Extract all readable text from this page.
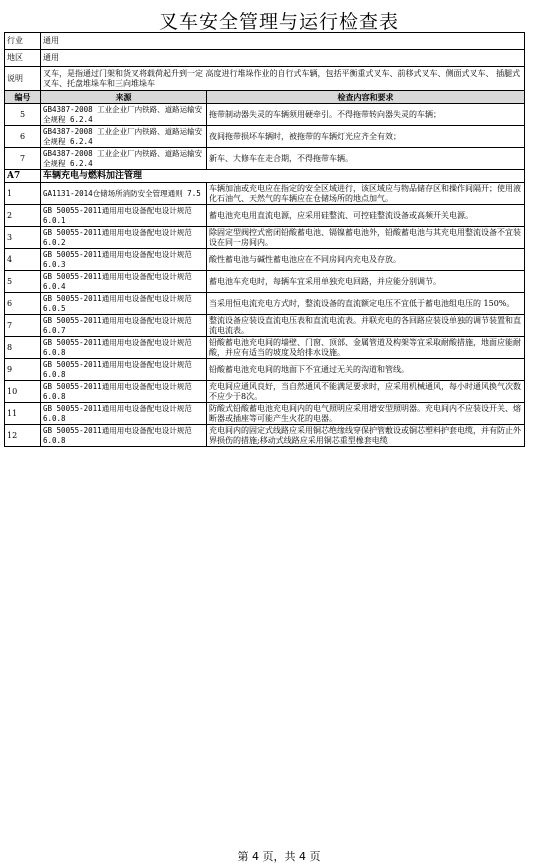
叉车安全管理与运行检查表
行业	通用	
地区	通用	
说明	叉车，是指通过门架和货叉将载荷起升到一定 高度进行堆垛作业的自行式车辆，包括平衡重式叉车、前移式叉车、侧面式叉车、 插腿式叉车、托盘堆垛车和三向堆垛车	
编号	来源	检查内容和要求
5	GB4387-2008 工业企业厂内铁路、道路运输安全规程 6.2.4	拖带制动器失灵的车辆须用硬牵引。不得拖带转向器失灵的车辆；
6	GB4387-2008 工业企业厂内铁路、道路运输安全规程 6.2.4	夜间拖带损坏车辆时，被拖带的车辆灯光应齐全有效；
7	GB4387-2008 工业企业厂内铁路、道路运输安全规程 6.2.4	新车、大修车在走合期，不得拖带车辆。
A7	车辆充电与燃料加注管理	
1	GA1131-2014仓储场所消防安全管理通则 7.5	车辆加油或充电应在指定的安全区域进行，该区域应与物品储存区和操作间隔开；使用液化石油气、天然气的车辆应在仓储场所的地点加气。
2	GB 50055-2011通用用电设备配电设计规范 6.0.1	蓄电池充电用直流电源，应采用硅整流、可控硅整流设备或高频开关电源。
3	GB 50055-2011通用用电设备配电设计规范 6.0.2	除固定型阀控式密闭铅酸蓄电池、镉镍蓄电池外，铅酸蓄电池与其充电用整流设备不宜装设在同一房间内。
4	GB 50055-2011通用用电设备配电设计规范 6.0.3	酸性蓄电池与碱性蓄电池应在不同房间内充电及存放。
5	GB 50055-2011通用用电设备配电设计规范 6.0.4	蓄电池车充电时，每辆车宜采用单独充电回路，并应能分别调节。
6	GB 50055-2011通用用电设备配电设计规范 6.0.5	当采用恒电流充电方式时，整流设备的直流额定电压不宜低于蓄电池组电压的 150%。
7	GB 50055-2011通用用电设备配电设计规范 6.0.7	整流设备应装设直流电压表和直流电流表。并联充电的各回路应装设单独的调节装置和直流电流表。
8	GB 50055-2011通用用电设备配电设计规范 6.0.8	铅酸蓄电池充电间的墙壁、门窗、顶部、金属管道及构架等宜采取耐酸措施，地面应能耐酸，并应有适当的坡度及给排水设施。
9	GB 50055-2011通用用电设备配电设计规范 6.0.8	铅酸蓄电池充电间的地面下不宜通过无关的沟道和管线。
10	GB 50055-2011通用用电设备配电设计规范 6.0.8	充电间应通风良好，当自然通风不能满足要求时，应采用机械通风，每小时通风换气次数不应少于8次。
11	GB 50055-2011通用用电设备配电设计规范 6.0.8	防酸式铅酸蓄电池充电间内的电气照明应采用增安型照明器。充电间内不应装设开关、熔断器或插座等可能产生火花的电器。
12	GB 50055-2011通用用电设备配电设计规范 6.0.8	充电间内的固定式线路应采用铜芯绝缘线穿保护管敷设或铜芯塑料护套电缆，并有防止外界损伤的措施;移动式线路应采用铜芯重型橡套电缆
第 4 页，共 4 页
